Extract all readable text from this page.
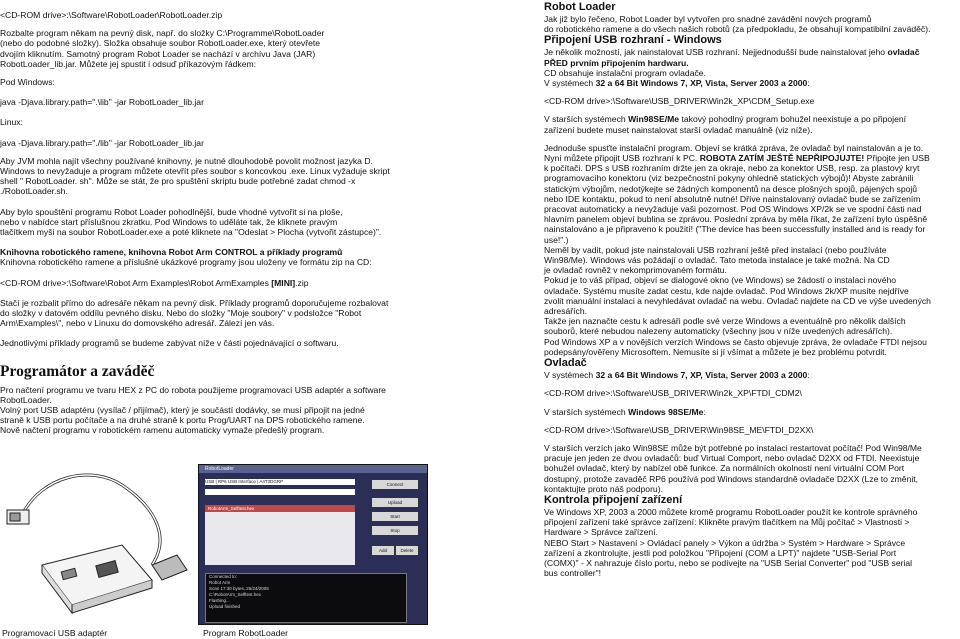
<CD-ROM drive>:\Software\RobotLoader\RobotLoader.zip

Rozbalte program někam na pevný disk, např. do složky C:\Programme\RobotLoader
(nebo do podobné složky). Složka obsahuje soubor RobotLoader.exe, který otevřete
dvojím kliknutím. Samotný program Robot Loader se nachází v archívu Java (JAR)
RobotLoader_lib.jar. Můžete jej spustit i odsuď příkazovým řádkem:

Pod Windows:

java -Djava.library.path=".\lib" -jar RobotLoader_lib.jar

Linux:

java -Djava.library.path="./lib" -jar RobotLoader_lib.jar

Aby JVM mohla najít všechny používané knihovny, je nutné dlouhodobě povolit možnost jazyka D.
Windows to nevyžaduje a program můžete otevřít přes soubor s koncovkou .exe. Linux vyžaduje skript
shell " RobotLoader. sh". Může se stát, že pro spuštění skriptu bude potřebné zadat chmod -x
./RobotLoader.sh.

Aby bylo spouštění programu Robot Loader pohodlnější, bude vhodné vytvořit si na ploše,
nebo v nabídce start příslušnou zkratku. Pod Windows to uděláte tak, že kliknete pravým
tlačítkem myši na soubor RobotLoader.exe a poté kliknete na "Odeslat > Plocha (vytvořit zástupce)".

Knihovna robotického ramene, knihovna Robot Arm CONTROL a příklady programů
Knihovna robotického ramene a příslušné ukázkové programy jsou uloženy ve formátu zip na CD:

<CD-ROM drive>:\Software\Robot Arm Examples\Robot ArmExamples [MINI].zip

Stačí je rozbalit přímo do adresáře někam na pevný disk. Příklady programů doporučujeme rozbalovat
do složky v datovém oddílu pevného disku. Nebo do složky "Moje soubory" v podsložce "Robot
Arm\Examples\", nebo v Linuxu do domovského adresář. Zálezí jen vás.

Jednotlivými příklady programů se budeme zabývat níže v části pojednávající o softwaru.

Programátor a zaváděč

Pro načtení programu ve tvaru HEX z PC do robota použijeme programovací USB adaptér a software
RobotLoader.
Volný port USB adaptéru (vysílač / přijímač), který je součástí dodávky, se musí připojit na jedné
straně k USB portu počítače a na druhé straně k portu Prog/UART na DPS robotického ramene.
Nově načtení programu v robotickém ramenu automaticky vymaže předešlý program.

Programovací USB adaptér
RobotLoader
USB | RP6 USB Interface | A4T3DGRP
Connect
Upload
Start
Stop
RobotArm_Selftest.hex
Add	Delete
Connected to:
Robot Arm
Scan 17:30 bytes, 25/24/2008
C:\RobotArm_Selftest.hex
Flashing...
Upload finished
Program RobotLoader

Robot Loader

Jak již bylo řečeno, Robot Loader byl vytvořen pro snadné zavádění nových programů
do robotického ramene a do všech našich robotů (za předpokladu, že obsahují kompatibilní zaváděč).

Připojení USB rozhraní - Windows

Je několik možností, jak nainstalovat USB rozhraní. Nejjednodušší bude nainstalovat jeho ovladač
PŘED prvním připojením hardwaru.
CD obsahuje instalační program ovladače.
V systémech 32 a 64 Bit Windows 7, XP, Vista, Server 2003 a 2000:

<CD-ROM drive>:\Software\USB_DRIVER\Win2k_XP\CDM_Setup.exe

V starších systémech Win98SE/Me takový pohodlný program bohužel neexistuje a po připojení
zařízení budete muset nainstalovat starší ovladač manuálně (viz níže).

Jednoduše spusťte instalační program. Objeví se krátká zpráva, že ovladač byl nainstalován a je to.
Nyní můžete připojit USB rozhraní k PC. ROBOTA ZATÍM JEŠTĚ NEPŘIPOJUJTE! Připojte jen USB
k počítači. DPS s USB rozhraním držte jen za okraje, nebo za konektor USB, resp. za plastový kryt
programovacího konektoru (viz bezpečnostní pokyny ohledně statických výbojů)! Abyste zabránili
statickým výbojům, nedotýkejte se žádných komponentů na desce plošných spojů, pájených spojů
nebo IDE kontaktu, pokud to není absolutně nutné! Dříve nainstalovaný ovladač bude se zařízením
pracovat automaticky a nevyžaduje vaši pozornost. Pod OS Windows XP/2k se ve spodní části nad
hlavním panelem objeví bublina se zprávou. Poslední zpráva by měla říkat, že zařízení bylo úspěšně
nainstalováno a je připraveno k použití! ("The device has been successfully installed and is ready for
use!".)
Neměl by vadit, pokud jste nainstalovali USB rozhraní ještě před instalací (nebo používáte
Win98/Me). Windows vás požádají o ovladač. Tato metoda instalace je také možná. Na CD
je ovladač rovněž v nekomprimovaném formátu.
Pokud je to váš případ, objeví se dialogové okno (ve Windows) se žádostí o instalaci nového
ovladače. Systému musíte zadat cestu, kde najde ovladač. Pod Windows 2k/XP musíte nejdříve
zvolit manuální instalaci a nevyhledávat ovladač na webu. Ovladač najdete na CD ve výše uvedených
adresářích.
Takže jen naznačte cestu k adresáři podle své verze Windows a eventuálně pro několik dalších
souborů, které nebudou nalezeny automaticky (všechny jsou v níže uvedených adresářích).
Pod Windows XP a v novějších verzích Windows se často objevuje zpráva, že ovladače FTDI nejsou
podepsány/ověřeny Microsoftem. Nemusíte si jí všímat a můžete je bez problému potvrdit.

Ovladač

V systémech 32 a 64 Bit Windows 7, XP, Vista, Server 2003 a 2000:

<CD-ROM drive>:\Software\USB_DRIVER\Win2k_XP\FTDI_CDM2\

V starších systémech Windows 98SE/Me:

<CD-ROM drive>:\Software\USB_DRIVER\Win98SE_ME\FTDI_D2XX\

V starších verzích jako Win98SE může být potřebné po instalaci restartovat počítač! Pod Win98/Me
pracuje jen jeden ze dvou ovladačů: buď Virtual Comport, nebo ovladač D2XX od FTDI. Neexistuje
bohužel ovladač, který by nabízel obě funkce. Za normálních okolností není virtuální COM Port
dostupný, protože zavaděč RP6 používá pod Windows standardně ovladače D2XX (Lze to změnit,
kontaktujte proto náš podporu).

Kontrola připojení zařízení

Ve Windows XP, 2003 a 2000 můžete kromě programu RobotLoader použít ke kontrole správného
připojení zařízení také správce zařízení: Klikněte pravým tlačítkem na Můj počítač > Vlastnosti >
Hardware > Správce zařízení.
NEBO Start > Nastavení > Ovládací panely > Výkon a údržba > Systém > Hardware > Správce
zařízení a zkontrolujte, jestli pod položkou "Připojení (COM a LPT)" najdete "USB-Serial Port
(COMX)" - X nahrazuje číslo portu, nebo se podívejte na "USB Serial Converter" pod "USB serial
bus controller"!
